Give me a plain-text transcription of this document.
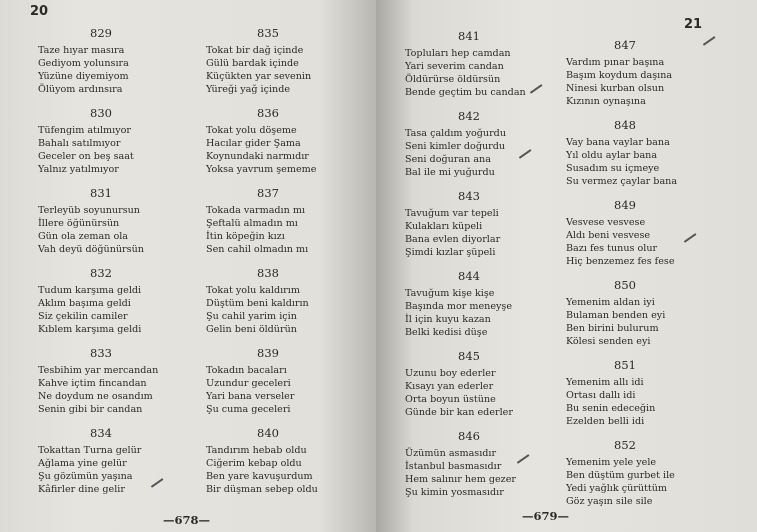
20
829
Taze hıyar masıra
Gediyom yolunsıra
Yüzüne diyemiyom
Ölüyom ardınsıra
830
Tüfengim atılmıyor
Bahalı satılmıyor
Geceler on beş saat
Yalnız yatılmıyor
831
Terleyüb soyunursun
İllere öğünürsün
Gün ola zeman ola
Vah deyü döğünürsün
832
Tudum karşıma geldi
Aklım başıma geldi
Siz çekilin camiler
Kıblem karşıma geldi
833
Tesbihim yar mercandan
Kahve içtim fincandan
Ne doydum ne osandım
Senin gibi bir candan
834
Tokattan Turna gelür
Ağlama yine gelür
Şu gözümün yaşına
Kâfirler dine gelir
835
Tokat bir dağ içinde
Gülü bardak içinde
Küçükten yar sevenin
Yüreği yağ içinde
836
Tokat yolu döşeme
Hacılar gider Şama
Koynundaki narmıdır
Yoksa yavrum şememe
837
Tokada varmadın mı
Şeftalü almadın mı
İtin köpeğin kızı
Sen cahil olmadın mı
838
Tokat yolu kaldırım
Düştüm beni kaldırın
Şu cahil yarim için
Gelin beni öldürün
839
Tokadın bacaları
Uzundur geceleri
Yari bana verseler
Şu cuma geceleri
840
Tandırım hebab oldu
Ciğerim kebap oldu
Ben yare kavuşurdum
Bir düşman sebep oldu
—678—
21
841
Topluları hep camdan
Yari severim candan
Öldürürse öldürsün
Bende geçtim bu candan
842
Tasa çaldım yoğurdu
Seni kimler doğurdu
Seni doğuran ana
Bal ile mi yuğurdu
843
Tavuğum var tepeli
Kulakları küpeli
Bana evlen diyorlar
Şimdi kızlar şüpeli
844
Tavuğum kişe kişe
Başında mor meneyşe
İl için kuyu kazan
Belki kedisi düşe
845
Uzunu boy ederler
Kısayı yan ederler
Orta boyun üstüne
Günde bir kan ederler
846
Üzümün asmasıdır
İstanbul basmasıdır
Hem salınır hem gezer
Şu kimin yosmasıdır
847
Vardım pınar başına
Başım koydum daşına
Ninesi kurban olsun
Kızının oynaşına
848
Vay bana vaylar bana
Yıl oldu aylar bana
Susadım su içmeye
Su vermez çaylar bana
849
Vesvese vesvese
Aldı beni vesvese
Bazı fes tunus olur
Hiç benzemez fes fese
850
Yemenim aldan iyi
Bulaman benden eyi
Ben birini bulurum
Kölesi senden eyi
851
Yemenim allı idi
Ortası dallı idi
Bu senin edeceğin
Ezelden belli idi
852
Yemenim yele yele
Ben düştüm gurbet ile
Yedi yağlık çürüttüm
Göz yaşın sile sile
—679—
